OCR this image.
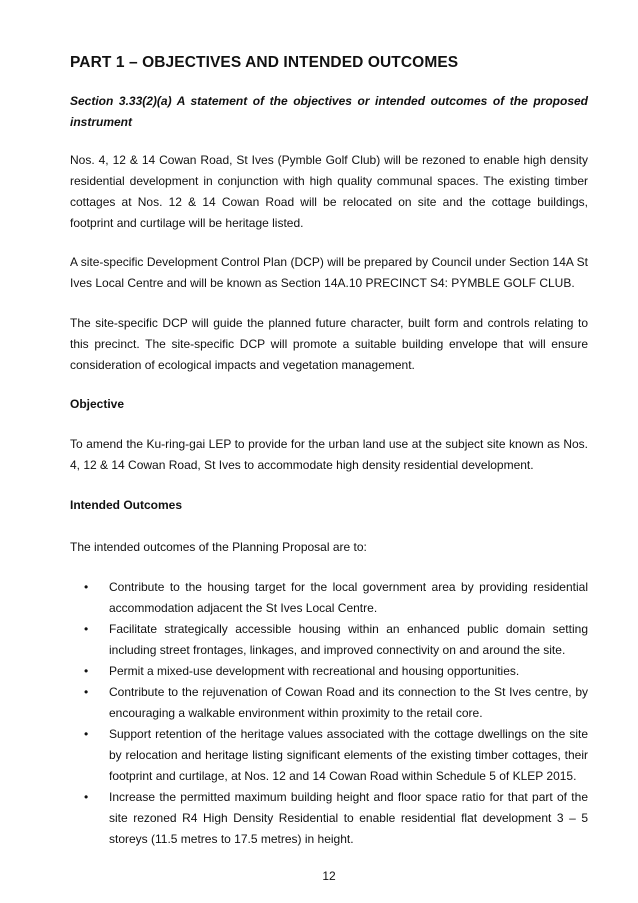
PART 1 – OBJECTIVES AND INTENDED OUTCOMES

Section 3.33(2)(a) A statement of the objectives or intended outcomes of the proposed instrument

Nos. 4, 12 & 14 Cowan Road, St Ives (Pymble Golf Club) will be rezoned to enable high density residential development in conjunction with high quality communal spaces. The existing timber cottages at Nos. 12 & 14 Cowan Road will be relocated on site and the cottage buildings, footprint and curtilage will be heritage listed.

A site-specific Development Control Plan (DCP) will be prepared by Council under Section 14A St Ives Local Centre and will be known as Section 14A.10 PRECINCT S4: PYMBLE GOLF CLUB.

The site-specific DCP will guide the planned future character, built form and controls relating to this precinct. The site-specific DCP will promote a suitable building envelope that will ensure consideration of ecological impacts and vegetation management.

Objective

To amend the Ku-ring-gai LEP to provide for the urban land use at the subject site known as Nos. 4, 12 & 14 Cowan Road, St Ives to accommodate high density residential development.

Intended Outcomes

The intended outcomes of the Planning Proposal are to:

• Contribute to the housing target for the local government area by providing residential accommodation adjacent the St Ives Local Centre.
• Facilitate strategically accessible housing within an enhanced public domain setting including street frontages, linkages, and improved connectivity on and around the site.
• Permit a mixed-use development with recreational and housing opportunities.
• Contribute to the rejuvenation of Cowan Road and its connection to the St Ives centre, by encouraging a walkable environment within proximity to the retail core.
• Support retention of the heritage values associated with the cottage dwellings on the site by relocation and heritage listing significant elements of the existing timber cottages, their footprint and curtilage, at Nos. 12 and 14 Cowan Road within Schedule 5 of KLEP 2015.
• Increase the permitted maximum building height and floor space ratio for that part of the site rezoned R4 High Density Residential to enable residential flat development 3 – 5 storeys (11.5 metres to 17.5 metres) in height.
12
